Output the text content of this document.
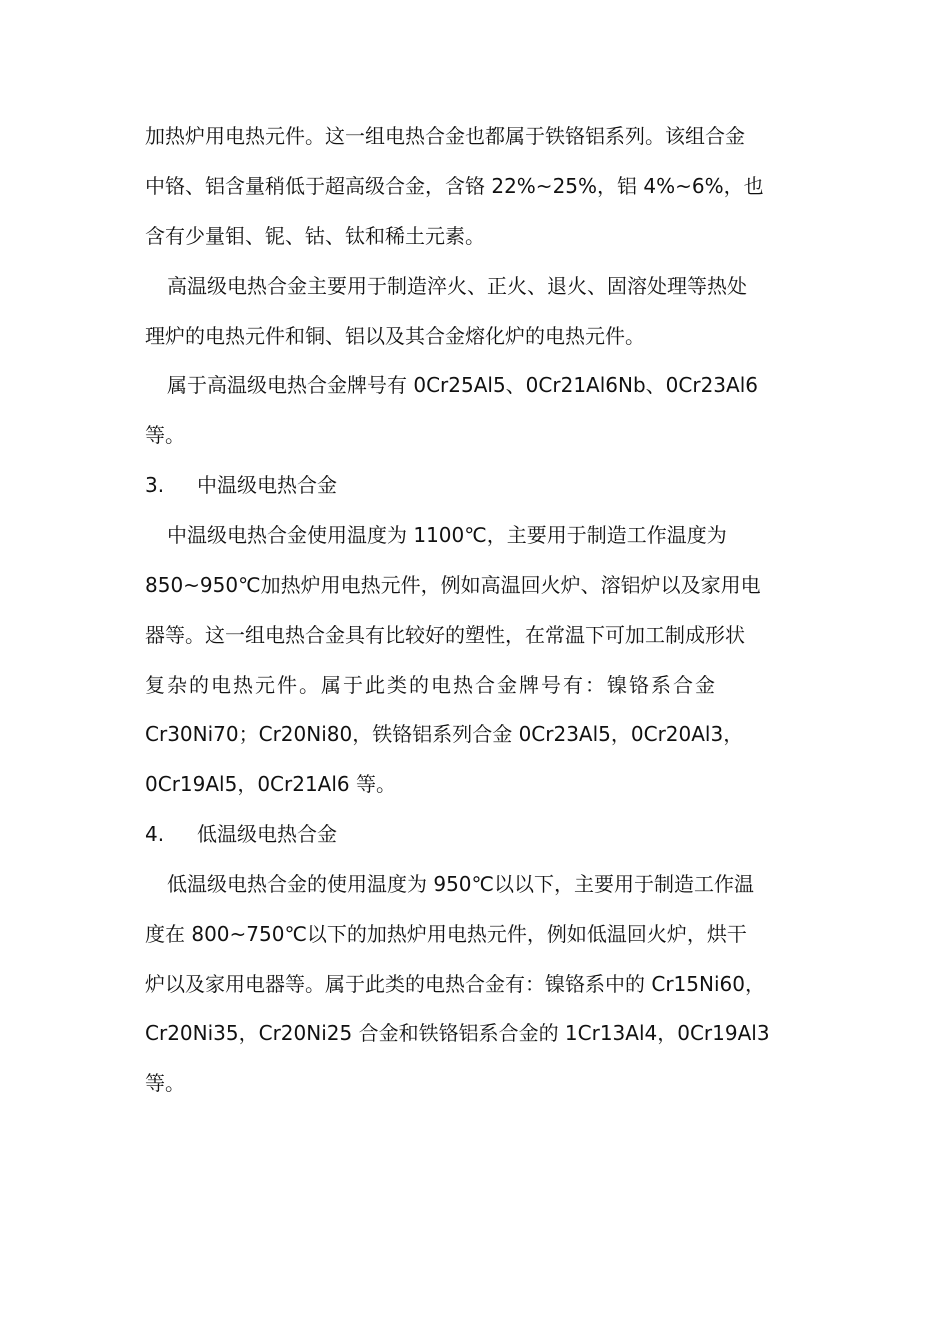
加热炉用电热元件。这一组电热合金也都属于铁铬铝系列。该组合金
中铬、铝含量稍低于超高级合金，含铬 22%~25%，铝 4%~6%，也
含有少量钼、铌、钴、钛和稀土元素。
高温级电热合金主要用于制造淬火、正火、退火、固溶处理等热处
理炉的电热元件和铜、铝以及其合金熔化炉的电热元件。
属于高温级电热合金牌号有 0Cr25Al5、0Cr21Al6Nb、0Cr23Al6
等。
3. 中温级电热合金
中温级电热合金使用温度为 1100℃，主要用于制造工作温度为
850~950℃加热炉用电热元件，例如高温回火炉、溶铝炉以及家用电
器等。这一组电热合金具有比较好的塑性，在常温下可加工制成形状
复杂的电热元件。属于此类的电热合金牌号有：镍铬系合金
Cr30Ni70；Cr20Ni80，铁铬铝系列合金 0Cr23Al5，0Cr20Al3，
0Cr19Al5，0Cr21Al6 等。
4. 低温级电热合金
低温级电热合金的使用温度为 950℃以以下，主要用于制造工作温
度在 800~750℃以下的加热炉用电热元件，例如低温回火炉，烘干
炉以及家用电器等。属于此类的电热合金有：镍铬系中的 Cr15Ni60，
Cr20Ni35，Cr20Ni25 合金和铁铬铝系合金的 1Cr13Al4，0Cr19Al3
等。
